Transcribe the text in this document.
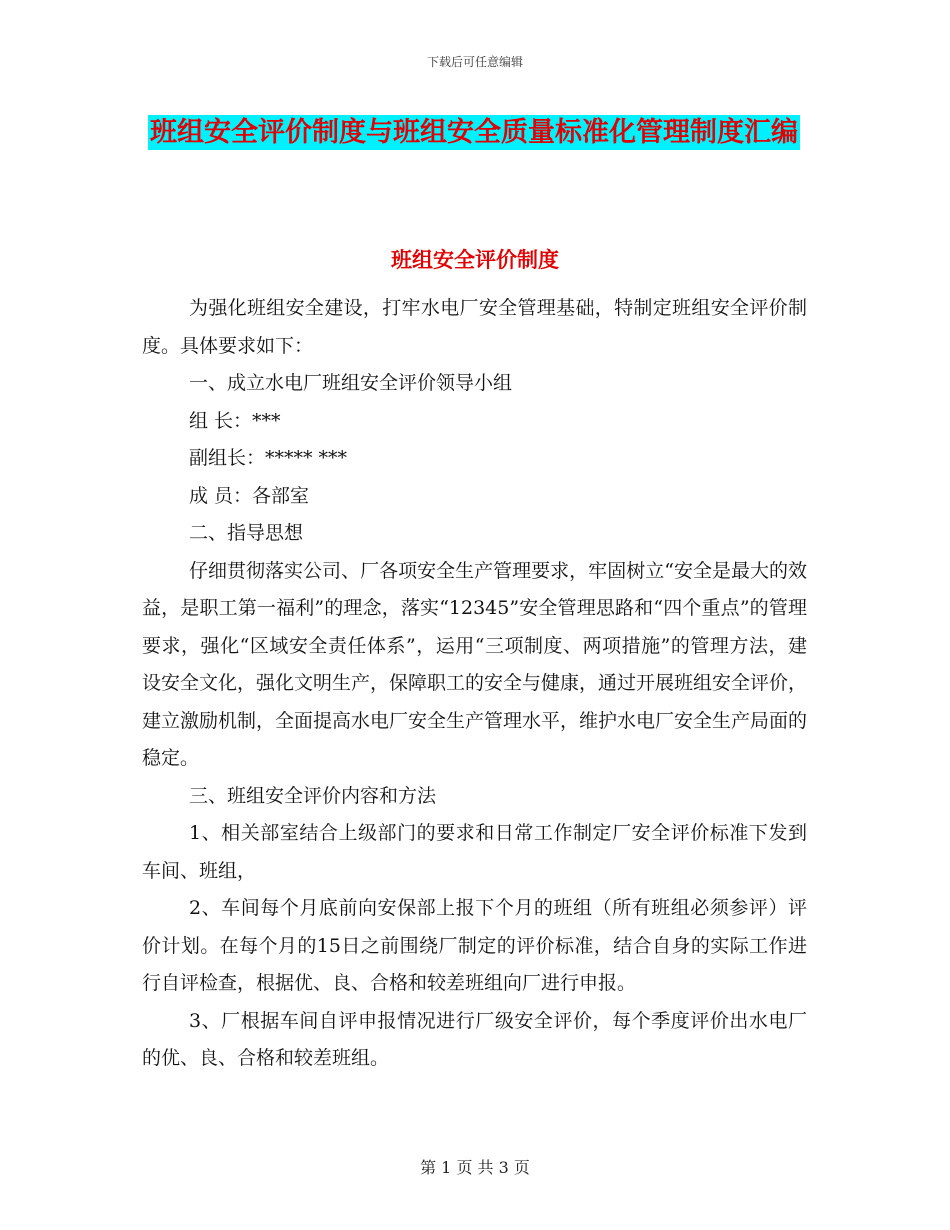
下载后可任意编辑
班组安全评价制度与班组安全质量标准化管理制度汇编
班组安全评价制度

为强化班组安全建设，打牢水电厂安全管理基础，特制定班组安全评价制度。具体要求如下：

一、成立水电厂班组安全评价领导小组

组 长：***

副组长：***** ***

成 员：各部室

二、指导思想

仔细贯彻落实公司、厂各项安全生产管理要求，牢固树立“安全是最大的效益，是职工第一福利”的理念，落实“12345”安全管理思路和“四个重点”的管理要求，强化“区域安全责任体系”，运用“三项制度、两项措施”的管理方法，建设安全文化，强化文明生产，保障职工的安全与健康，通过开展班组安全评价，建立激励机制，全面提高水电厂安全生产管理水平，维护水电厂安全生产局面的稳定。

三、班组安全评价内容和方法

1、相关部室结合上级部门的要求和日常工作制定厂安全评价标准下发到车间、班组，

2、车间每个月底前向安保部上报下个月的班组（所有班组必须参评）评价计划。在每个月的15日之前围绕厂制定的评价标准，结合自身的实际工作进行自评检查，根据优、良、合格和较差班组向厂进行申报。

3、厂根据车间自评申报情况进行厂级安全评价，每个季度评价出水电厂的优、良、合格和较差班组。

第 1 页 共 3 页
